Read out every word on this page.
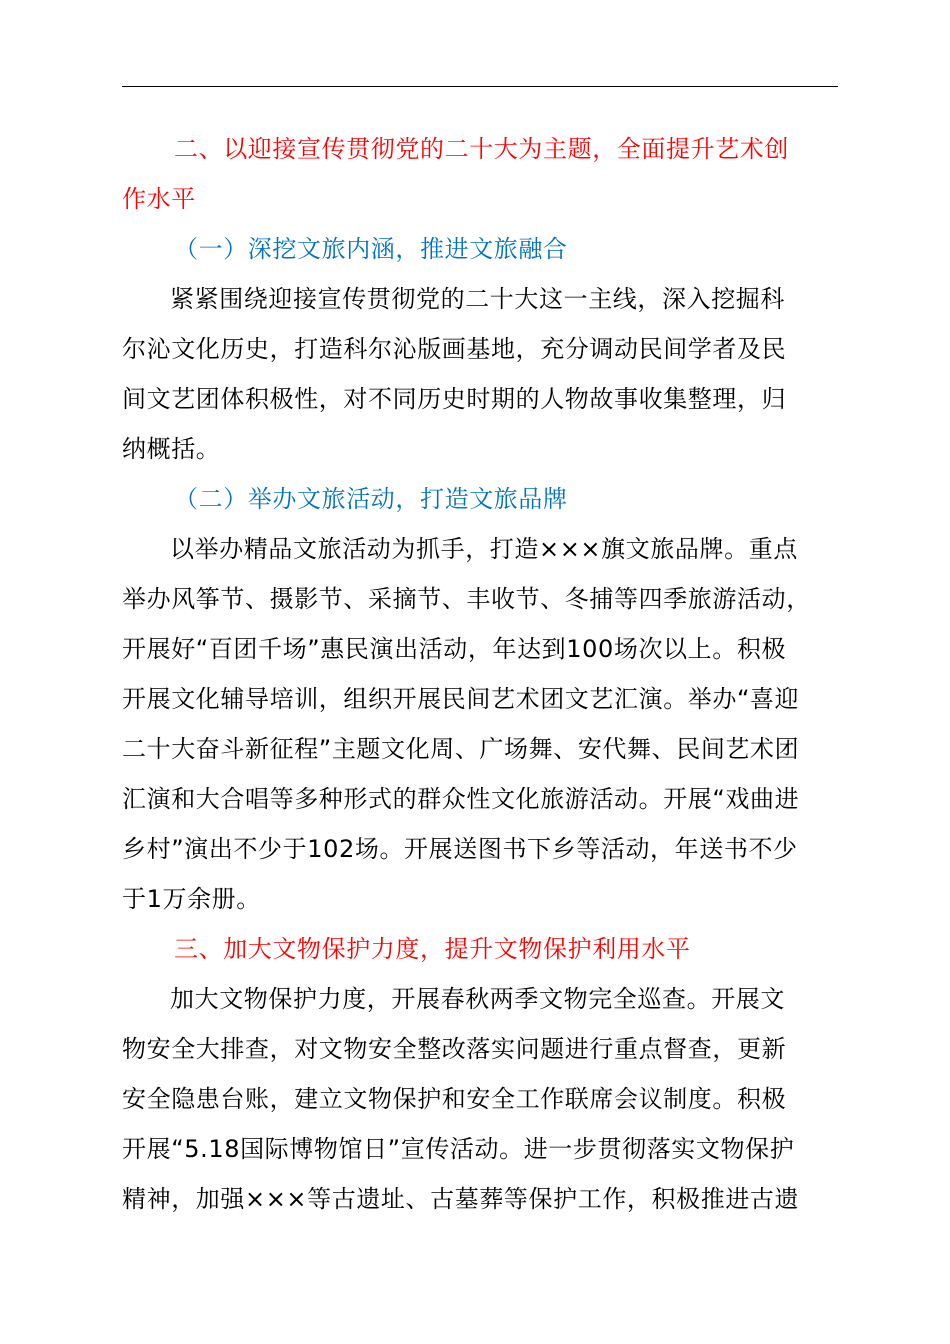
二、以迎接宣传贯彻党的二十大为主题，全面提升艺术创
作水平

（一）深挖文旅内涵，推进文旅融合

紧紧围绕迎接宣传贯彻党的二十大这一主线，深入挖掘科
尔沁文化历史，打造科尔沁版画基地，充分调动民间学者及民
间文艺团体积极性，对不同历史时期的人物故事收集整理，归
纳概括。

（二）举办文旅活动，打造文旅品牌

以举办精品文旅活动为抓手，打造×××旗文旅品牌。重点
举办风筝节、摄影节、采摘节、丰收节、冬捕等四季旅游活动，
开展好“百团千场”惠民演出活动，年达到100场次以上。积极
开展文化辅导培训，组织开展民间艺术团文艺汇演。举办“喜迎
二十大奋斗新征程”主题文化周、广场舞、安代舞、民间艺术团
汇演和大合唱等多种形式的群众性文化旅游活动。开展“戏曲进
乡村”演出不少于102场。开展送图书下乡等活动，年送书不少
于1万余册。

三、加大文物保护力度，提升文物保护利用水平

加大文物保护力度，开展春秋两季文物完全巡查。开展文
物安全大排查，对文物安全整改落实问题进行重点督查，更新
安全隐患台账，建立文物保护和安全工作联席会议制度。积极
开展“5.18国际博物馆日”宣传活动。进一步贯彻落实文物保护
精神，加强×××等古遗址、古墓葬等保护工作，积极推进古遗
